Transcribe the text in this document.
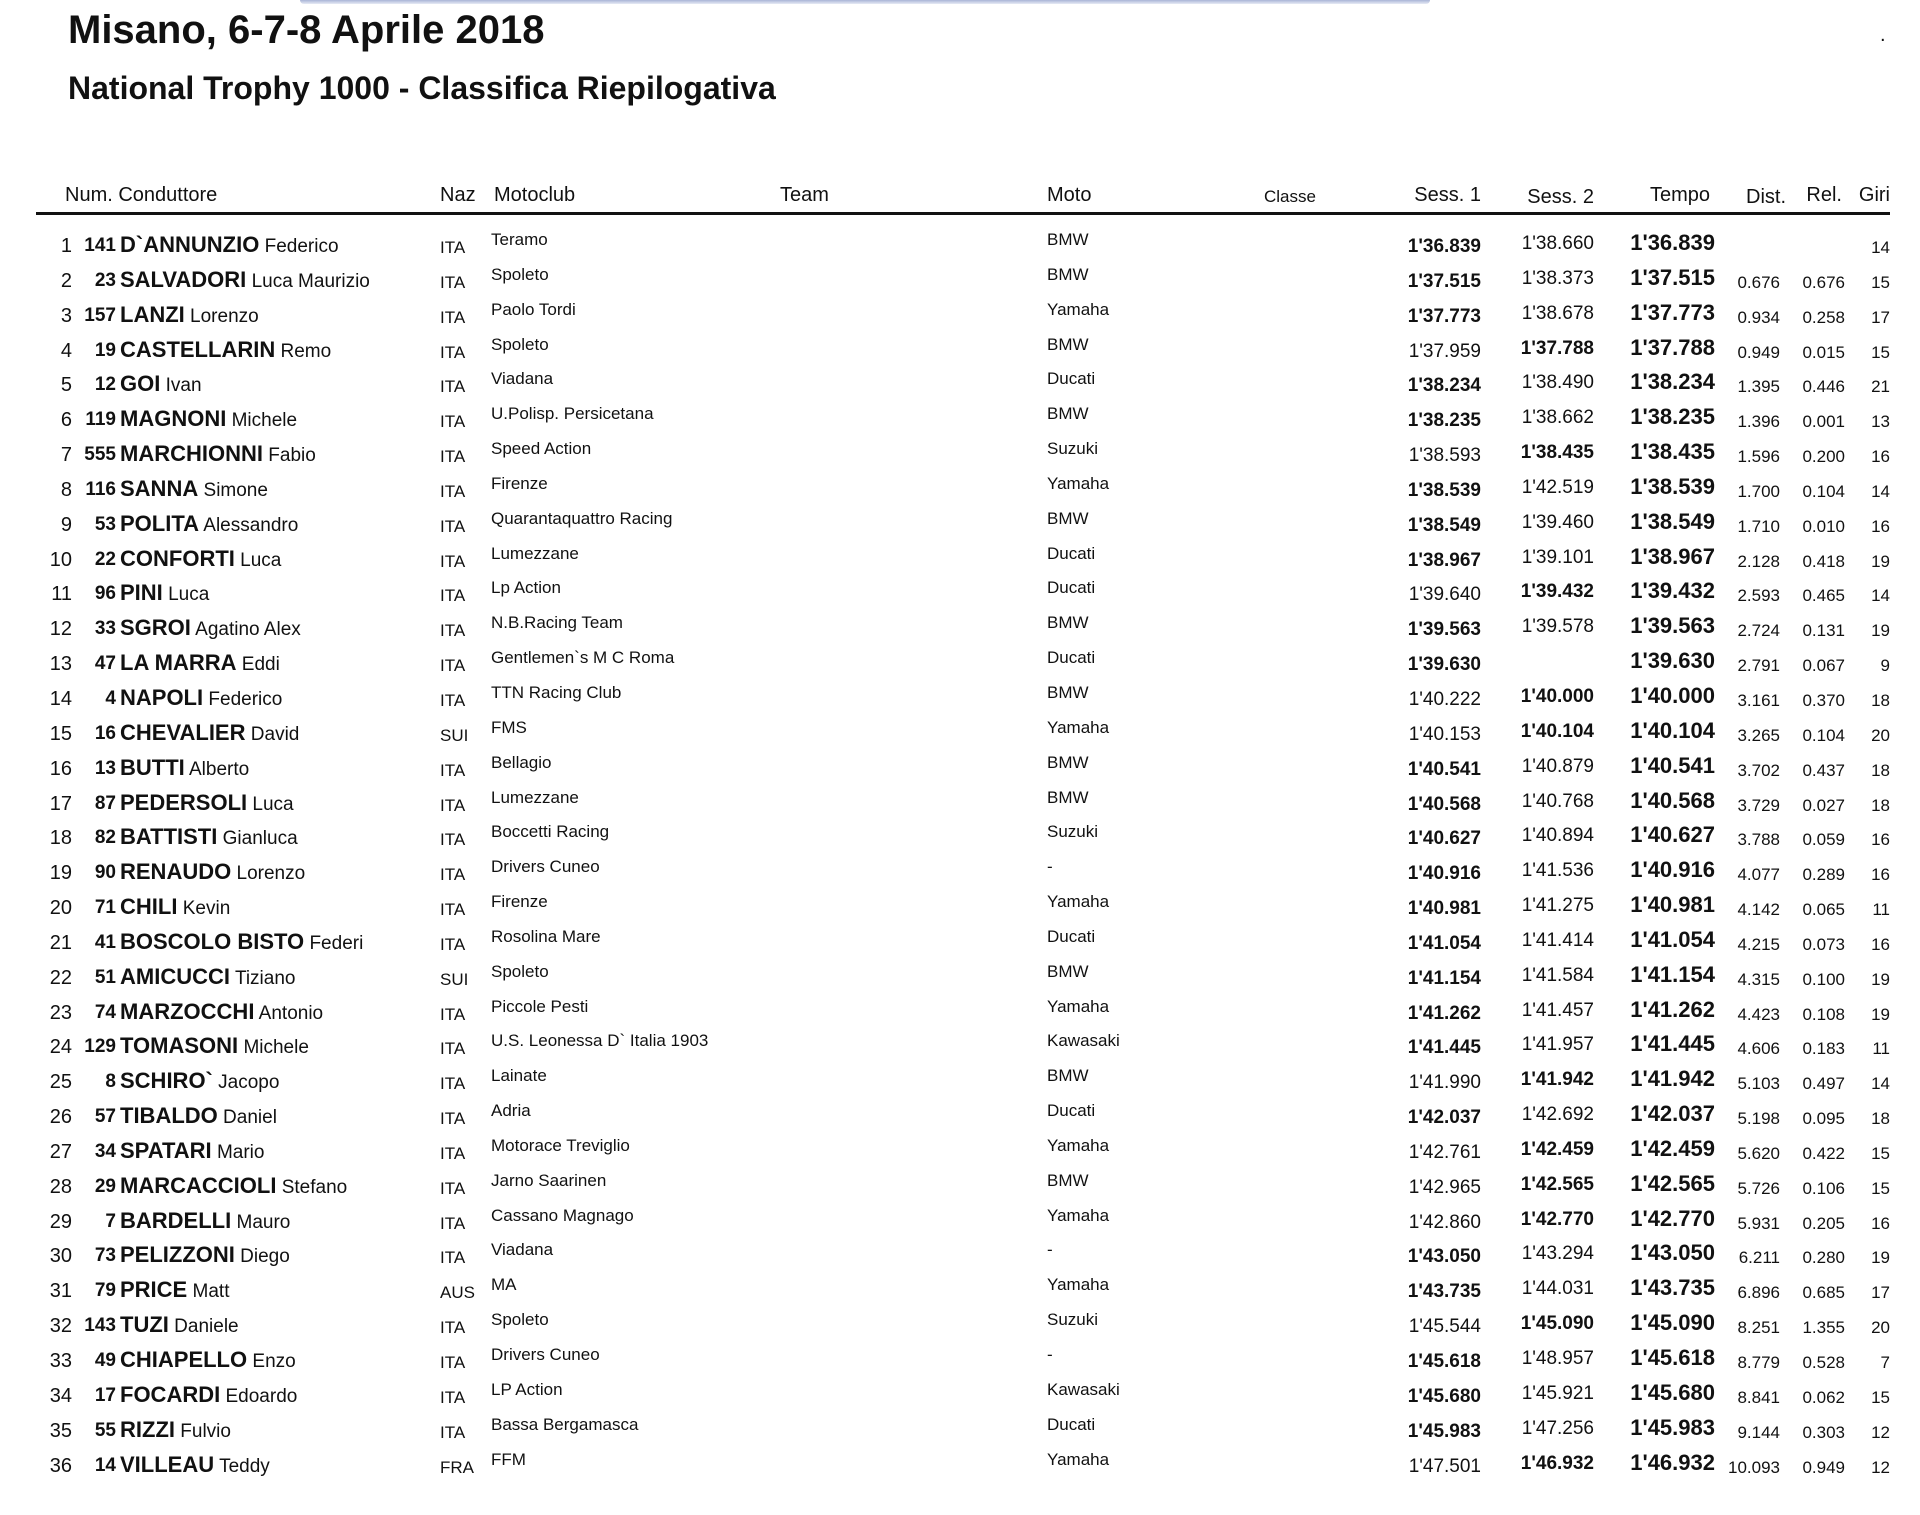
.
Misano, 6-7-8 Aprile 2018
National Trophy 1000 - Classifica Riepilogativa
Num. Conduttore	Naz Motoclub	Team	Moto	Classe	Sess. 1 Sess. 2	Tempo Dist. Rel. Giri
1 141 D`ANNUNZIO Federico	ITA Teramo	BMW	1'36.839 1'38.660 1'36.839	14
2	23 SALVADORI Luca Maurizio	ITA Spoleto	BMW	1'37.515 1'38.373 1'37.515 0.676 0.676 15
3 157 LANZI Lorenzo	ITA Paolo Tordi	Yamaha	1'37.773 1'38.678 1'37.773 0.934 0.258 17
4	19 CASTELLARIN Remo	ITA Spoleto	BMW	1'37.959 1'37.788 1'37.788 0.949 0.015 15
5	12 GOI Ivan	ITA Viadana	Ducati	1'38.234 1'38.490 1'38.234 1.395 0.446 21
6 119 MAGNONI Michele	ITA U.Polisp. Persicetana	BMW	1'38.235 1'38.662 1'38.235 1.396 0.001 13
7 555 MARCHIONNI Fabio	ITA Speed Action	Suzuki	1'38.593 1'38.435 1'38.435 1.596 0.200 16
8 116 SANNA Simone	ITA Firenze	Yamaha	1'38.539 1'42.519 1'38.539 1.700 0.104 14
9	53 POLITA Alessandro	ITA Quarantaquattro Racing	BMW	1'38.549 1'39.460 1'38.549 1.710 0.010 16
10	22 CONFORTI Luca	ITA Lumezzane	Ducati	1'38.967 1'39.101 1'38.967 2.128 0.418 19
11	96 PINI Luca	ITA Lp Action	Ducati	1'39.640 1'39.432 1'39.432 2.593 0.465 14
12	33 SGROI Agatino Alex	ITA N.B.Racing Team	BMW	1'39.563 1'39.578 1'39.563 2.724 0.131 19
13	47 LA MARRA Eddi	ITA Gentlemen`s M C Roma	Ducati	1'39.630	1'39.630 2.791 0.067 9
14	4 NAPOLI Federico	ITA TTN Racing Club	BMW	1'40.222 1'40.000 1'40.000 3.161 0.370 18
15	16 CHEVALIER David	SUI FMS	Yamaha	1'40.153 1'40.104 1'40.104 3.265 0.104 20
16	13 BUTTI Alberto	ITA Bellagio	BMW	1'40.541 1'40.879 1'40.541 3.702 0.437 18
17	87 PEDERSOLI Luca	ITA Lumezzane	BMW	1'40.568 1'40.768 1'40.568 3.729 0.027 18
18	82 BATTISTI Gianluca	ITA Boccetti Racing	Suzuki	1'40.627 1'40.894 1'40.627 3.788 0.059 16
19	90 RENAUDO Lorenzo	ITA Drivers Cuneo	-	1'40.916 1'41.536 1'40.916 4.077 0.289 16
20	71 CHILI Kevin	ITA Firenze	Yamaha	1'40.981 1'41.275 1'40.981 4.142 0.065 11
21	41 BOSCOLO BISTO Federi	ITA Rosolina Mare	Ducati	1'41.054 1'41.414 1'41.054 4.215 0.073 16
22	51 AMICUCCI Tiziano	SUI Spoleto	BMW	1'41.154 1'41.584 1'41.154 4.315 0.100 19
23	74 MARZOCCHI Antonio	ITA Piccole Pesti	Yamaha	1'41.262 1'41.457 1'41.262 4.423 0.108 19
24 129 TOMASONI Michele	ITA U.S. Leonessa D` Italia 1903	Kawasaki	1'41.445 1'41.957 1'41.445 4.606 0.183 11
25	8 SCHIRO` Jacopo	ITA Lainate	BMW	1'41.990 1'41.942 1'41.942 5.103 0.497 14
26	57 TIBALDO Daniel	ITA Adria	Ducati	1'42.037 1'42.692 1'42.037 5.198 0.095 18
27	34 SPATARI Mario	ITA Motorace Treviglio	Yamaha	1'42.761 1'42.459 1'42.459 5.620 0.422 15
28	29 MARCACCIOLI Stefano	ITA Jarno Saarinen	BMW	1'42.965 1'42.565 1'42.565 5.726 0.106 15
29	7 BARDELLI Mauro	ITA Cassano Magnago	Yamaha	1'42.860 1'42.770 1'42.770 5.931 0.205 16
30	73 PELIZZONI Diego	ITA Viadana	-	1'43.050 1'43.294 1'43.050 6.211 0.280 19
31	79 PRICE Matt	AUS MA	Yamaha	1'43.735 1'44.031 1'43.735 6.896 0.685 17
32 143 TUZI Daniele	ITA Spoleto	Suzuki	1'45.544 1'45.090 1'45.090 8.251 1.355 20
33	49 CHIAPELLO Enzo	ITA Drivers Cuneo	-	1'45.618 1'48.957 1'45.618 8.779 0.528 7
34	17 FOCARDI Edoardo	ITA LP Action	Kawasaki	1'45.680 1'45.921 1'45.680 8.841 0.062 15
35	55 RIZZI Fulvio	ITA Bassa Bergamasca	Ducati	1'45.983 1'47.256 1'45.983 9.144 0.303 12
36	14 VILLEAU Teddy	FRA FFM	Yamaha	1'47.501 1'46.932 1'46.932 10.093 0.949 12
